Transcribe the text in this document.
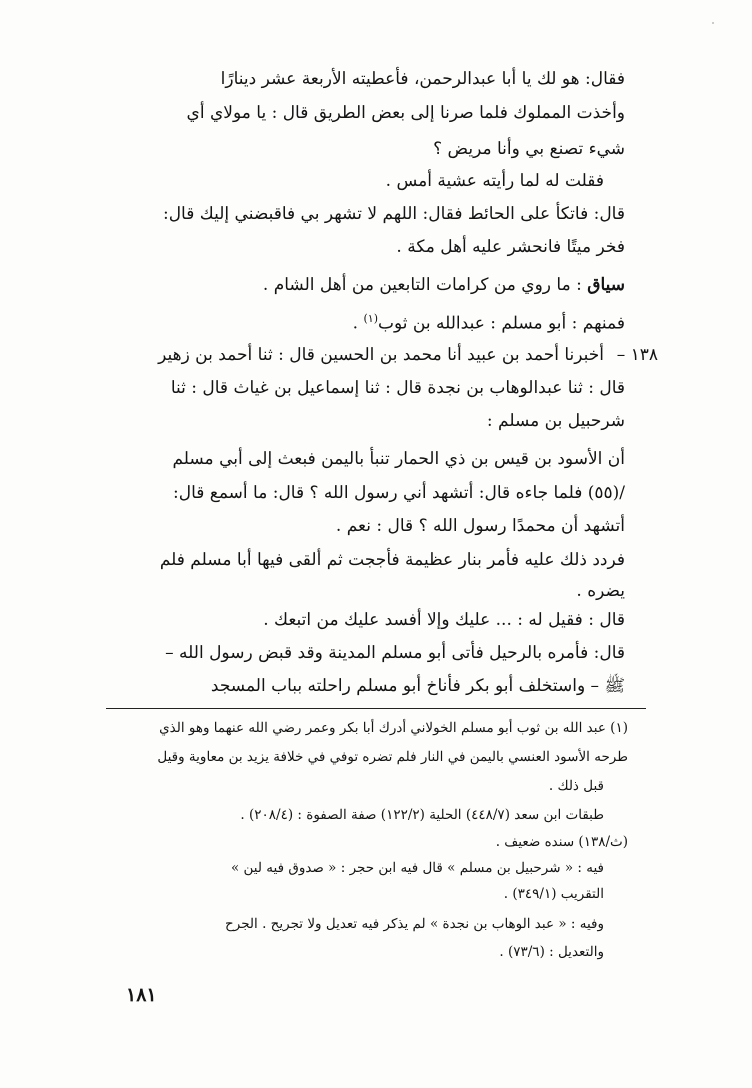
فقال: هو لك يا أبا عبدالرحمن، فأعطيته الأربعة عشر دينارًا

وأخذت المملوك فلما صرنا إلى بعض الطريق قال : يا مولاي أي

شيء تصنع بي وأنا مريض ؟

فقلت له لما رأيته عشية أمس .

قال: فاتكأ على الحائط فقال: اللهم لا تشهر بي فاقبضني إليك قال:

فخر ميتًا فانحشر عليه أهل مكة .

سياق : ما روي من كرامات التابعين من أهل الشام .

فمنهم : أبو مسلم : عبدالله بن ثوب$^{(١)}$ .

١٣٨ –

أخبرنا أحمد بن عبيد أنا محمد بن الحسين قال : ثنا أحمد بن زهير

قال : ثنا عبدالوهاب بن نجدة قال : ثنا إسماعيل بن غياث قال : ثنا

شرحبيل بن مسلم :

أن الأسود بن قيس بن ذي الحمار تنبأ باليمن فبعث إلى أبي مسلم

/(٥٥) فلما جاءه قال: أتشهد أني رسول الله ؟ قال: ما أسمع قال:

أتشهد أن محمدًا رسول الله ؟ قال : نعم .

فردد ذلك عليه فأمر بنار عظيمة فأججت ثم ألقى فيها أبا مسلم فلم

يضره .

قال : فقيل له : ... عليك وإلا أفسد عليك من اتبعك .

قال: فأمره بالرحيل فأتى أبو مسلم المدينة وقد قبض رسول الله –

ﷺ – واستخلف أبو بكر فأناخ أبو مسلم راحلته بباب المسجد

(١) عبد الله بن ثوب أبو مسلم الخولاني أدرك أبا بكر وعمر رضي الله عنهما وهو الذي

طرحه الأسود العنسي باليمن في النار فلم تضره توفي في خلافة يزيد بن معاوية وقيل

قبل ذلك .

طبقات ابن سعد (٤٤٨/٧) الحلية (١٢٢/٢) صفة الصفوة : (٢٠٨/٤) .

(ث/١٣٨) سنده ضعيف .

فيه : « شرحبيل بن مسلم » قال فيه ابن حجر : « صدوق فيه لين »

التقريب (٣٤٩/١) .

وفيه : « عبد الوهاب بن نجدة » لم يذكر فيه تعديل ولا تجريح . الجرح

والتعديل : (٧٣/٦) .

١٨١
